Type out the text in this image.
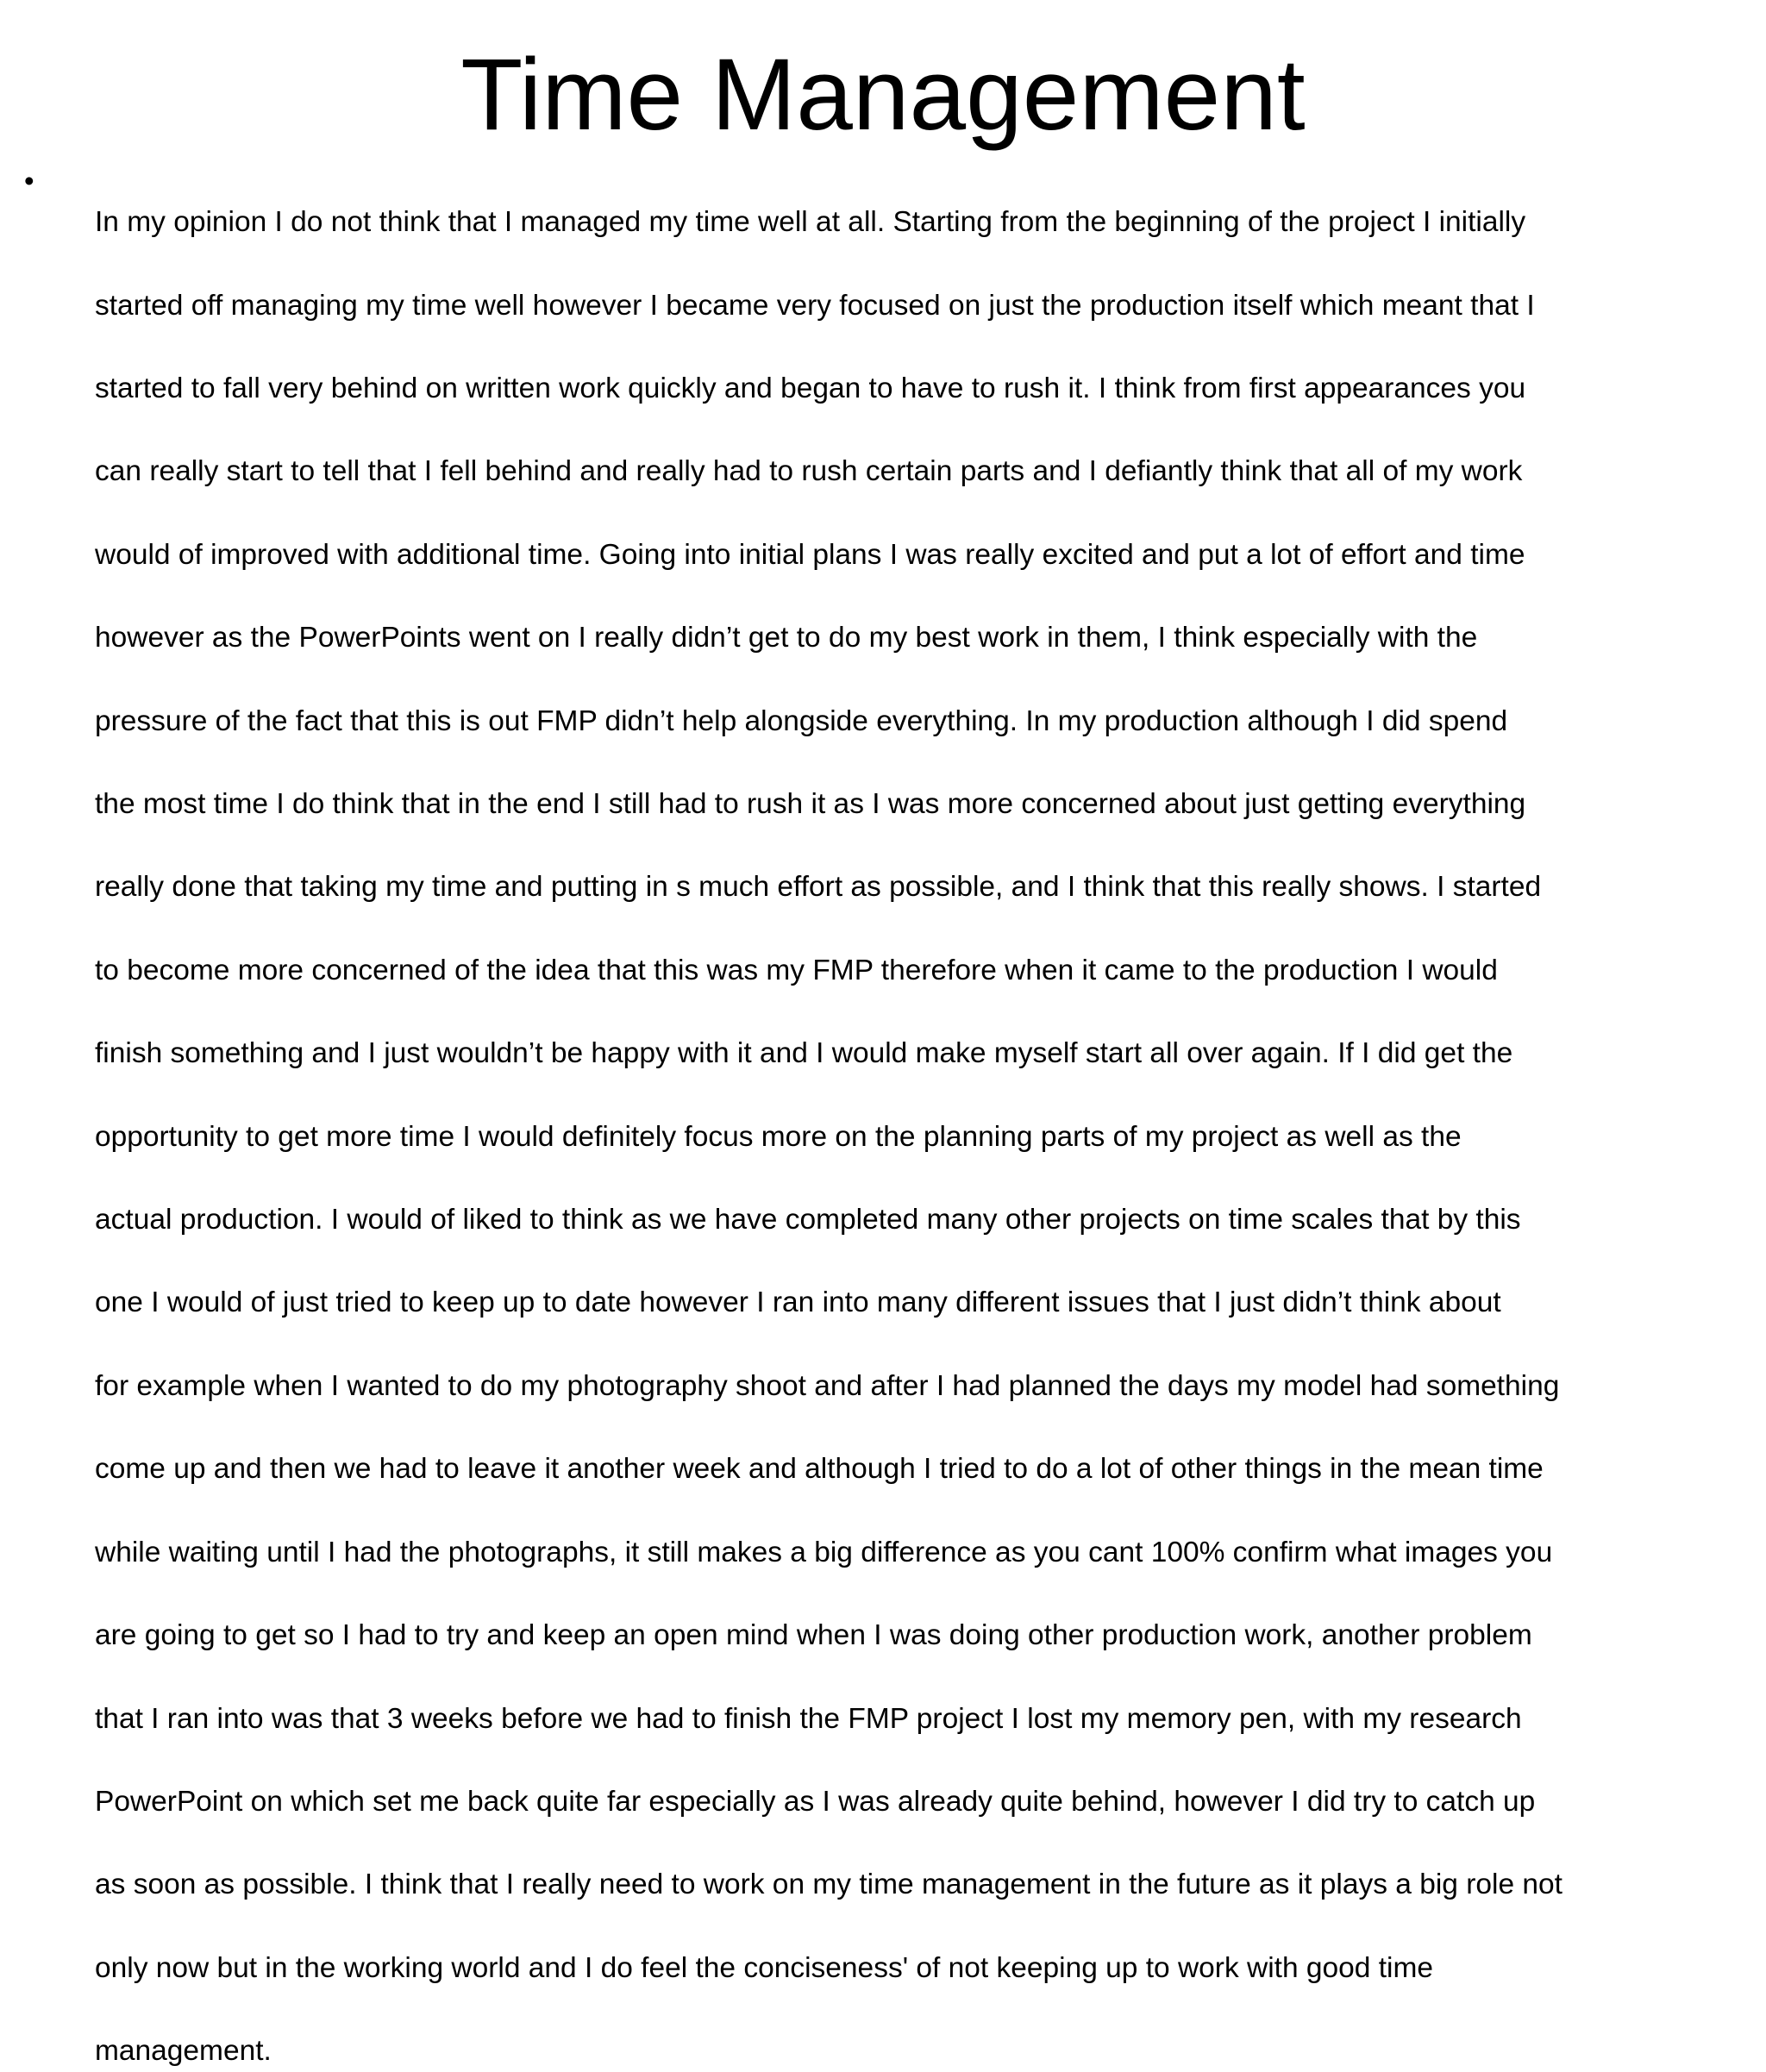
Time Management
•

In my opinion I do not think that I managed my time well at all. Starting from the beginning of the project I initially

started off managing my time well however I became very focused on just the production itself which meant that I

started to fall very behind on written work quickly and began to have to rush it. I think from first appearances you

can really start to tell that I fell behind and really had to rush certain parts and I defiantly think that all of my work

would of improved with additional time. Going into initial plans I was really excited and put a lot of effort and time

however as the PowerPoints went on I really didn’t get to do my best work in them, I think especially with the

pressure of the fact that this is out FMP didn’t help alongside everything. In my production although I did spend

the most time I do think that in the end I still had to rush it as I was more concerned about just getting everything

really done that taking my time and putting in s much effort as possible, and I think that this really shows. I started

to become more concerned of the idea that this was my FMP therefore when it came to the production I would

finish something and I just wouldn’t be happy with it and I would make myself start all over again. If I did get the

opportunity to get more time I would definitely focus more on the planning parts of my project as well as the

actual production. I would of liked to think as we have completed many other projects on time scales that by this

one I would of just tried to keep up to date however I ran into many different issues that I just didn’t think about

for example when I wanted to do my photography shoot and after I had planned the days my model had something

come up and then we had to leave it another week and although I tried to do a lot of other things in the mean time

while waiting until I had the photographs, it still makes a big difference as you cant 100% confirm what images you

are going to get so I had to try and keep an open mind when I was doing other production work, another problem

that I ran into was that 3 weeks before we had to finish the FMP project I lost my memory pen, with my research

PowerPoint on which set me back quite far especially as I was already quite behind, however I did try to catch up

as soon as possible. I think that I really need to work on my time management in the future as it plays a big role not

only now but in the working world and I do feel the conciseness' of not keeping up to work with good time

management.
